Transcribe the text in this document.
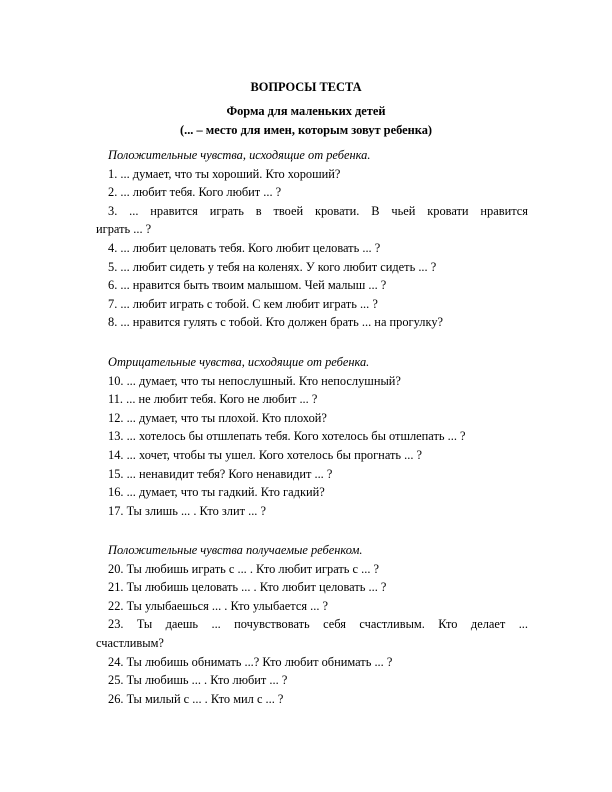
ВОПРОСЫ ТЕСТА
Форма для маленьких детей
(... – место для имен, которым зовут ребенка)
Положительные чувства, исходящие от ребенка.
1. ... думает, что ты хороший. Кто хороший?
2. ... любит тебя. Кого любит ... ?
3. ... нравится играть в твоей кровати. В чьей кровати нравится
играть ... ?
4. ... любит целовать тебя. Кого любит целовать ... ?
5. ... любит сидеть у тебя на коленях. У кого любит сидеть ... ?
6. ... нравится быть твоим малышом. Чей малыш ... ?
7. ... любит играть с тобой. С кем любит играть ... ?
8. ... нравится гулять с тобой. Кто должен брать ... на прогулку?
Отрицательные чувства, исходящие от ребенка.
10. ... думает, что ты непослушный. Кто непослушный?
11. ... не любит тебя. Кого не любит ... ?
12. ... думает, что ты плохой. Кто плохой?
13. ... хотелось бы отшлепать тебя. Кого хотелось бы отшлепать ... ?
14. ... хочет, чтобы ты ушел. Кого хотелось бы прогнать ... ?
15. ... ненавидит тебя? Кого ненавидит ... ?
16. ... думает, что ты гадкий. Кто гадкий?
17. Ты злишь ... . Кто злит ... ?
Положительные чувства получаемые ребенком.
20. Ты любишь играть с ... . Кто любит играть с ... ?
21. Ты любишь целовать ... . Кто любит целовать ... ?
22. Ты улыбаешься ... . Кто улыбается ... ?
23. Ты даешь ... почувствовать себя счастливым. Кто делает ...
счастливым?
24. Ты любишь обнимать ...? Кто любит обнимать ... ?
25. Ты любишь ... . Кто любит ... ?
26. Ты милый с ... . Кто мил с ... ?
